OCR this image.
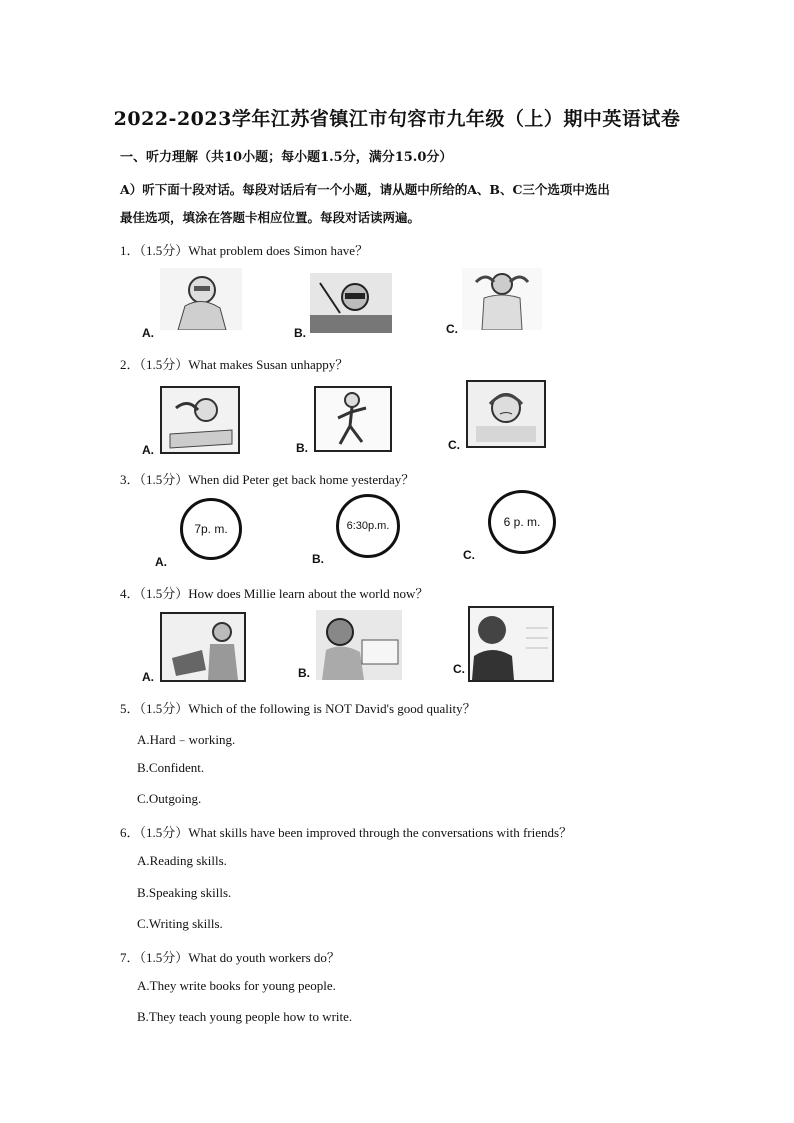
2022-2023学年江苏省镇江市句容市九年级（上）期中英语试卷
一、听力理解（共10小题；每小题1.5分，满分15.0分）
A）听下面十段对话。每段对话后有一个小题，请从题中所给的A、B、C三个选项中选出
最佳选项，填涂在答题卡相应位置。每段对话读两遍。
1．（1.5分）What problem does Simon have？
A.	B.	C.
2．（1.5分）What makes Susan unhappy？
A.	B.	C.
3．（1.5分）When did Peter get back home yesterday？
7p. m.
A.
6:30p.m.
B.
6 p. m.
C.
4．（1.5分）How does Millie learn about the world now？
A.	B.	C.
5．（1.5分）Which of the following is NOT David's good quality？
A.Hard﹣working.
B.Confident.
C.Outgoing.
6．（1.5分）What skills have been improved through the conversations with friends？
A.Reading skills.
B.Speaking skills.
C.Writing skills.
7．（1.5分）What do youth workers do？
A.They write books for young people.
B.They teach young people how to write.
